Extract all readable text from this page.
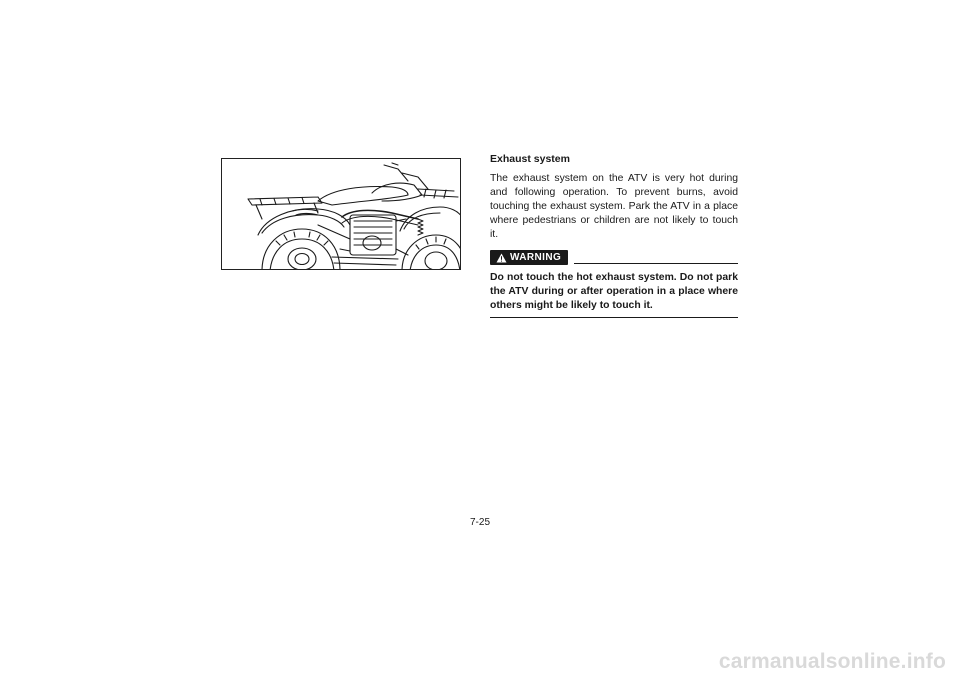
Exhaust system

The exhaust system on the ATV is very hot during and following operation. To prevent burns, avoid touching the exhaust system. Park the ATV in a place where pedestrians or children are not likely to touch it.

WARNING

Do not touch the hot exhaust system. Do not park the ATV during or after operation in a place where others might be likely to touch it.

7-25
carmanualsonline.info
